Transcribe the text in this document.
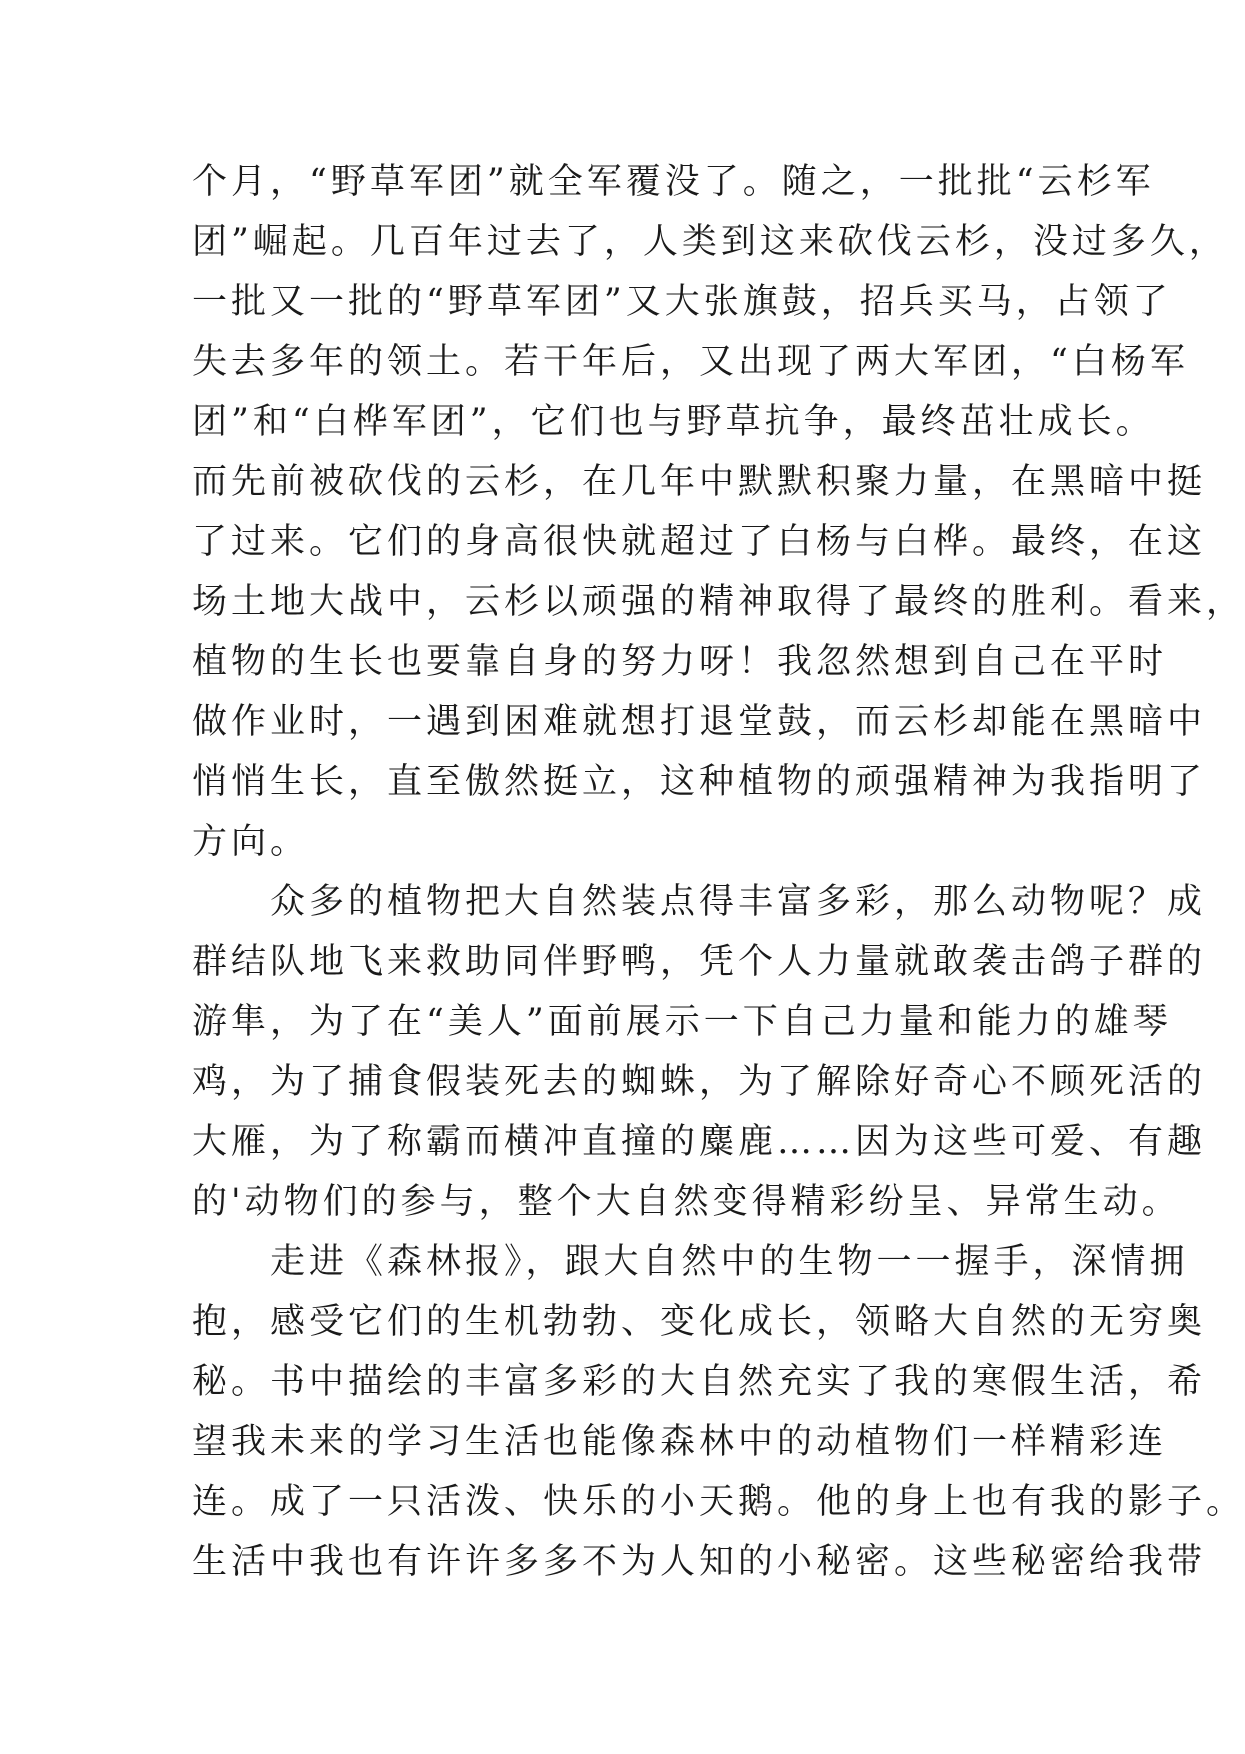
个月，“野草军团”就全军覆没了。随之，一批批“云杉军
团”崛起。几百年过去了，人类到这来砍伐云杉，没过多久，
一批又一批的“野草军团”又大张旗鼓，招兵买马，占领了
失去多年的领土。若干年后，又出现了两大军团，“白杨军
团”和“白桦军团”，它们也与野草抗争，最终茁壮成长。
而先前被砍伐的云杉，在几年中默默积聚力量，在黑暗中挺
了过来。它们的身高很快就超过了白杨与白桦。最终，在这
场土地大战中，云杉以顽强的精神取得了最终的胜利。看来，
植物的生长也要靠自身的努力呀！我忽然想到自己在平时
做作业时，一遇到困难就想打退堂鼓，而云杉却能在黑暗中
悄悄生长，直至傲然挺立，这种植物的顽强精神为我指明了
方向。
　　众多的植物把大自然装点得丰富多彩，那么动物呢？成
群结队地飞来救助同伴野鸭，凭个人力量就敢袭击鸽子群的
游隼，为了在“美人”面前展示一下自己力量和能力的雄琴
鸡，为了捕食假装死去的蜘蛛，为了解除好奇心不顾死活的
大雁，为了称霸而横冲直撞的麋鹿……因为这些可爱、有趣
的'动物们的参与，整个大自然变得精彩纷呈、异常生动。
　　走进《森林报》，跟大自然中的生物一一握手，深情拥
抱，感受它们的生机勃勃、变化成长，领略大自然的无穷奥
秘。书中描绘的丰富多彩的大自然充实了我的寒假生活，希
望我未来的学习生活也能像森林中的动植物们一样精彩连
连。成了一只活泼、快乐的小天鹅。他的身上也有我的影子。
生活中我也有许许多多不为人知的小秘密。这些秘密给我带
